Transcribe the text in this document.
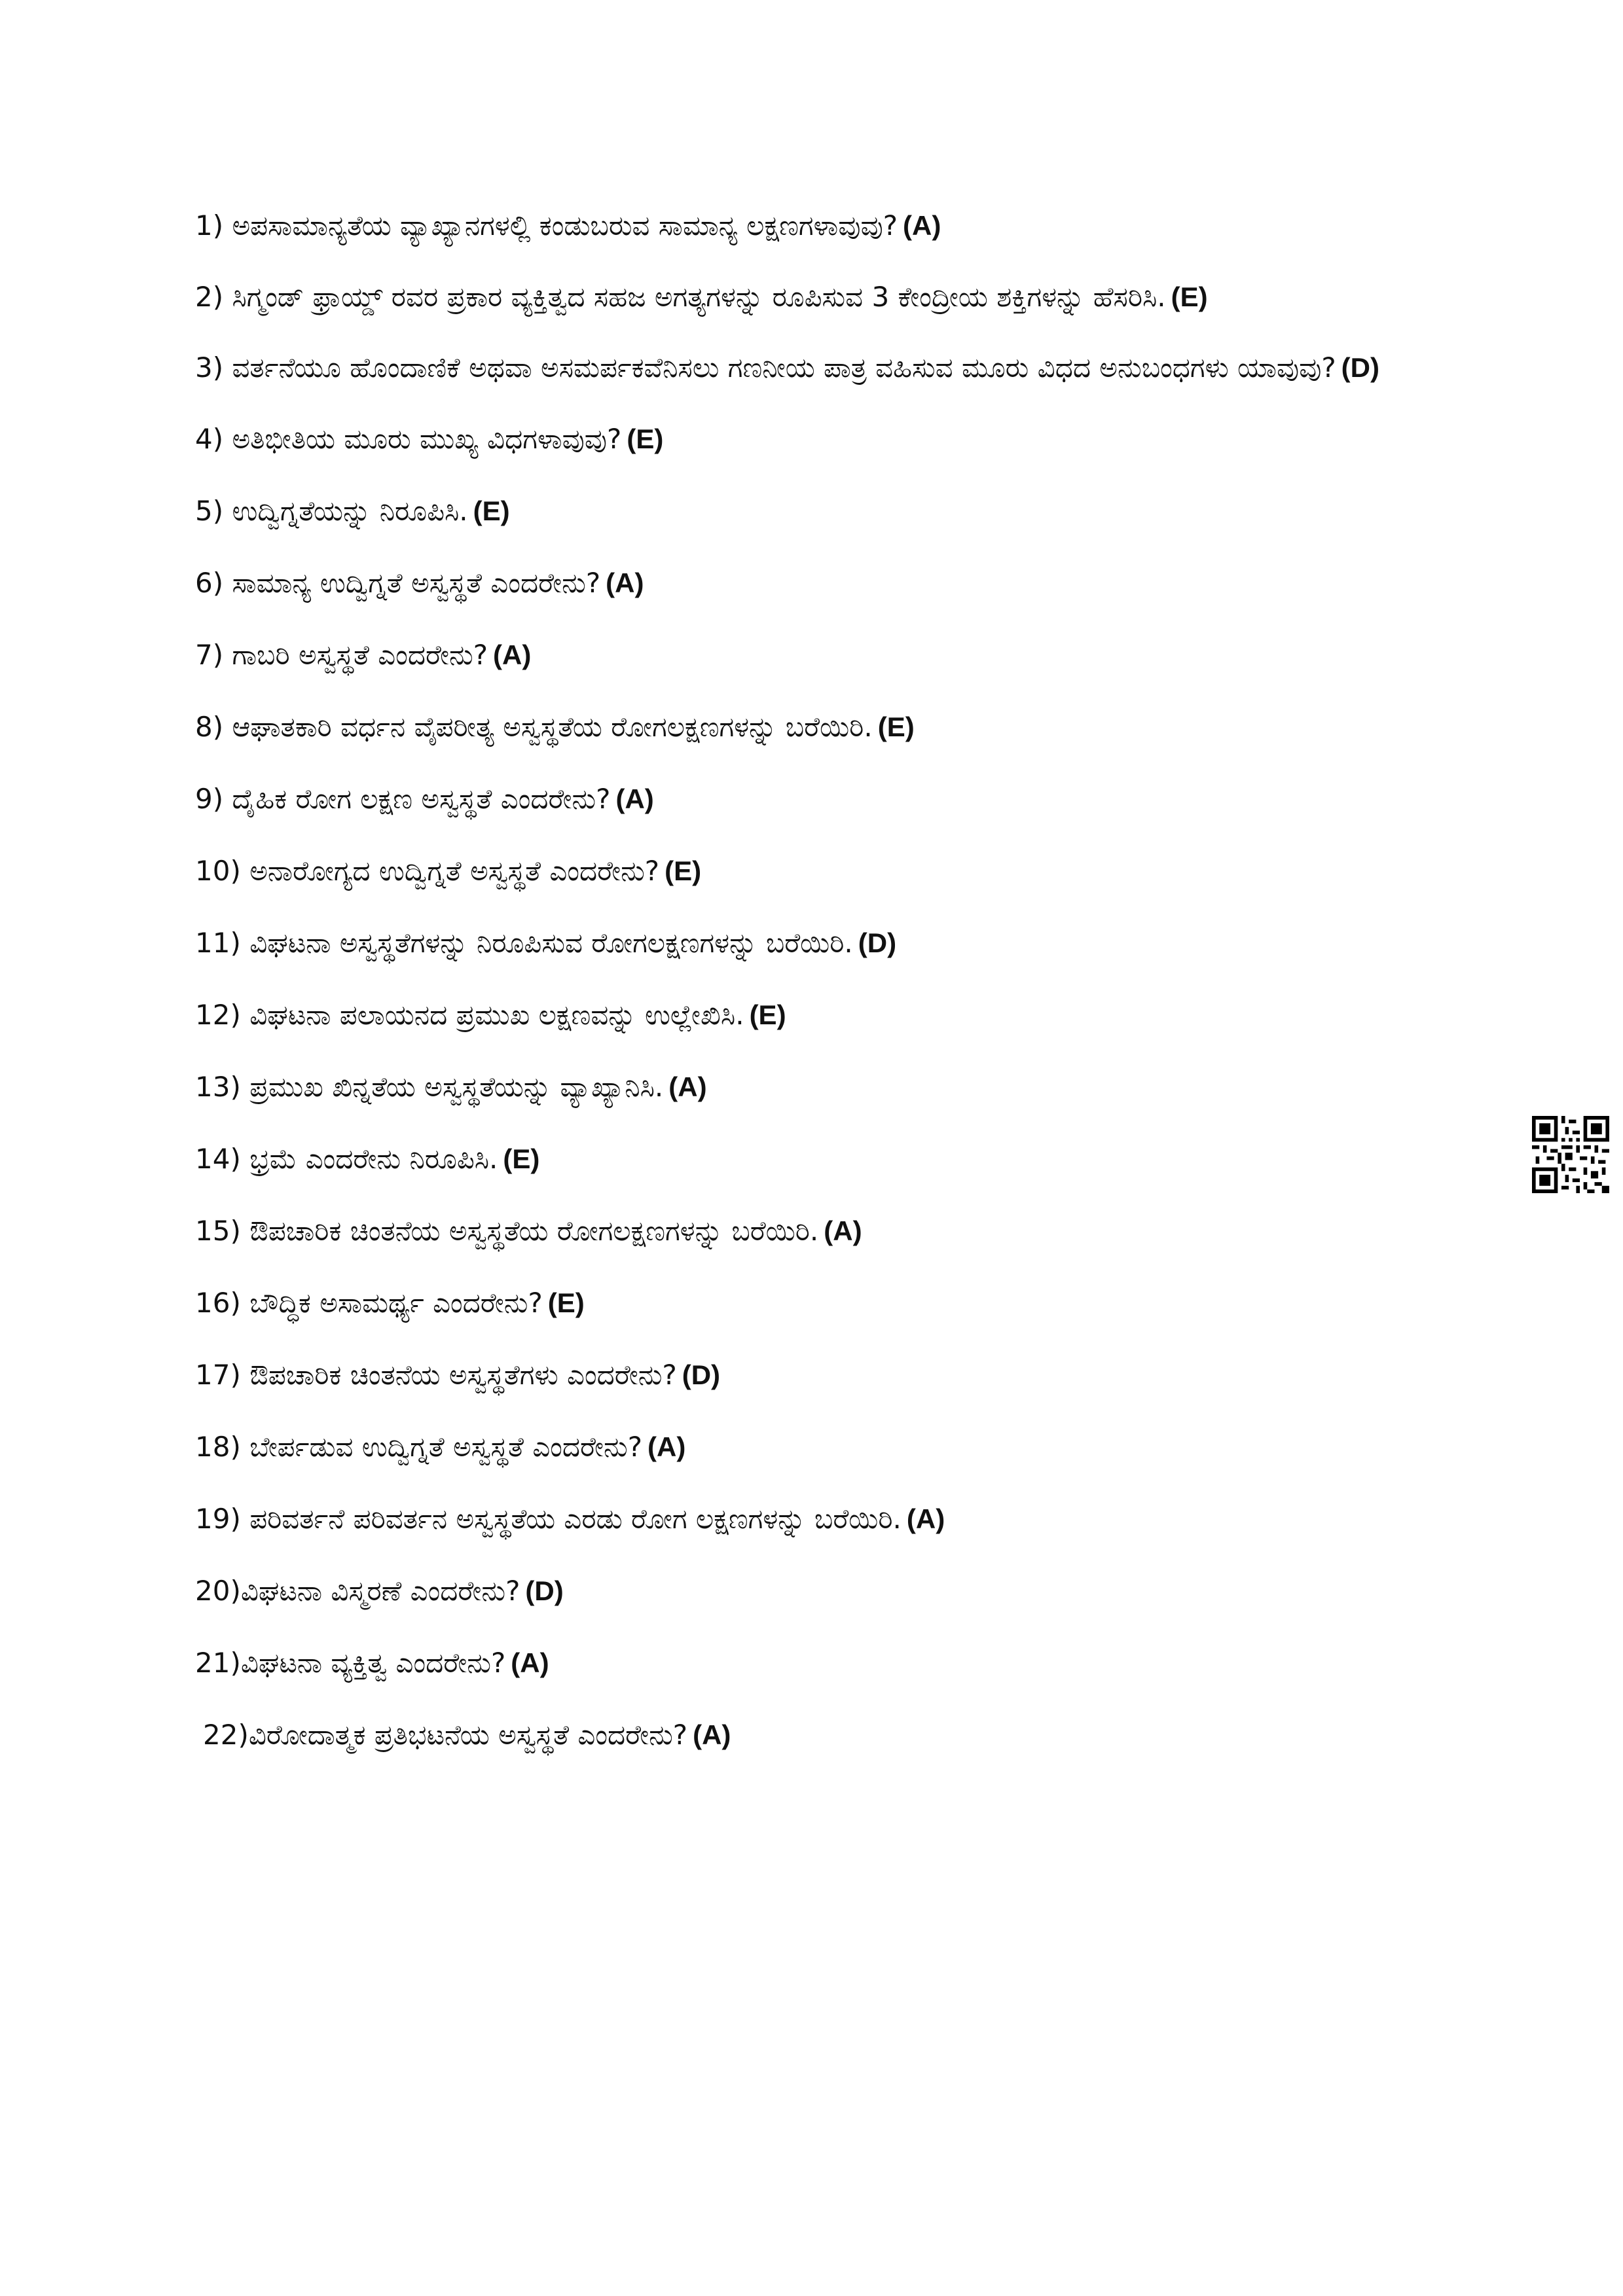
1) ಅಪಸಾಮಾನ್ಯತೆಯ ವ್ಯಾಖ್ಯಾನಗಳಲ್ಲಿ ಕಂಡುಬರುವ ಸಾಮಾನ್ಯ ಲಕ್ಷಣಗಳಾವುವು? (A)
2) ಸಿಗ್ಮಂಡ್ ಫ್ರಾಯ್ಡ್ ರವರ ಪ್ರಕಾರ ವ್ಯಕ್ತಿತ್ವದ ಸಹಜ ಅಗತ್ಯಗಳನ್ನು ರೂಪಿಸುವ 3 ಕೇಂದ್ರೀಯ ಶಕ್ತಿಗಳನ್ನು ಹೆಸರಿಸಿ. (E)
3) ವರ್ತನೆಯೂ ಹೊಂದಾಣಿಕೆ ಅಥವಾ ಅಸಮರ್ಪಕವೆನಿಸಲು ಗಣನೀಯ ಪಾತ್ರ ವಹಿಸುವ ಮೂರು ವಿಧದ ಅನುಬಂಧಗಳು ಯಾವುವು? (D)
4) ಅತಿಭೀತಿಯ ಮೂರು ಮುಖ್ಯ ವಿಧಗಳಾವುವು? (E)
5) ಉದ್ವಿಗ್ನತೆಯನ್ನು ನಿರೂಪಿಸಿ. (E)
6) ಸಾಮಾನ್ಯ ಉದ್ವಿಗ್ನತೆ ಅಸ್ವಸ್ಥತೆ ಎಂದರೇನು? (A)
7) ಗಾಬರಿ ಅಸ್ವಸ್ಥತೆ ಎಂದರೇನು? (A)
8) ಆಘಾತಕಾರಿ ವರ್ಧನ ವೈಪರೀತ್ಯ ಅಸ್ವಸ್ಥತೆಯ ರೋಗಲಕ್ಷಣಗಳನ್ನು ಬರೆಯಿರಿ. (E)
9) ದೈಹಿಕ ರೋಗ ಲಕ್ಷಣ ಅಸ್ವಸ್ಥತೆ ಎಂದರೇನು? (A)
10) ಅನಾರೋಗ್ಯದ ಉದ್ವಿಗ್ನತೆ ಅಸ್ವಸ್ಥತೆ ಎಂದರೇನು? (E)
11) ವಿಘಟನಾ ಅಸ್ವಸ್ಥತೆಗಳನ್ನು ನಿರೂಪಿಸುವ ರೋಗಲಕ್ಷಣಗಳನ್ನು ಬರೆಯಿರಿ. (D)
12) ವಿಘಟನಾ ಪಲಾಯನದ ಪ್ರಮುಖ ಲಕ್ಷಣವನ್ನು ಉಲ್ಲೇಖಿಸಿ. (E)
13) ಪ್ರಮುಖ ಖಿನ್ನತೆಯ ಅಸ್ವಸ್ಥತೆಯನ್ನು ವ್ಯಾಖ್ಯಾನಿಸಿ. (A)
14) ಭ್ರಮೆ ಎಂದರೇನು ನಿರೂಪಿಸಿ. (E)
15) ಔಪಚಾರಿಕ ಚಿಂತನೆಯ ಅಸ್ವಸ್ಥತೆಯ ರೋಗಲಕ್ಷಣಗಳನ್ನು ಬರೆಯಿರಿ. (A)
16) ಬೌದ್ಧಿಕ ಅಸಾಮರ್ಥ್ಯ ಎಂದರೇನು? (E)
17) ಔಪಚಾರಿಕ ಚಿಂತನೆಯ ಅಸ್ವಸ್ಥತೆಗಳು ಎಂದರೇನು? (D)
18) ಬೇರ್ಪಡುವ ಉದ್ವಿಗ್ನತೆ ಅಸ್ವಸ್ಥತೆ ಎಂದರೇನು? (A)
19) ಪರಿವರ್ತನೆ ಪರಿವರ್ತನ ಅಸ್ವಸ್ಥತೆಯ ಎರಡು ರೋಗ ಲಕ್ಷಣಗಳನ್ನು ಬರೆಯಿರಿ. (A)
20)ವಿಘಟನಾ ವಿಸ್ಮರಣೆ ಎಂದರೇನು? (D)
21)ವಿಘಟನಾ ವ್ಯಕ್ತಿತ್ವ ಎಂದರೇನು? (A)
22)ವಿರೋದಾತ್ಮಕ ಪ್ರತಿಭಟನೆಯ ಅಸ್ವಸ್ಥತೆ ಎಂದರೇನು? (A)
